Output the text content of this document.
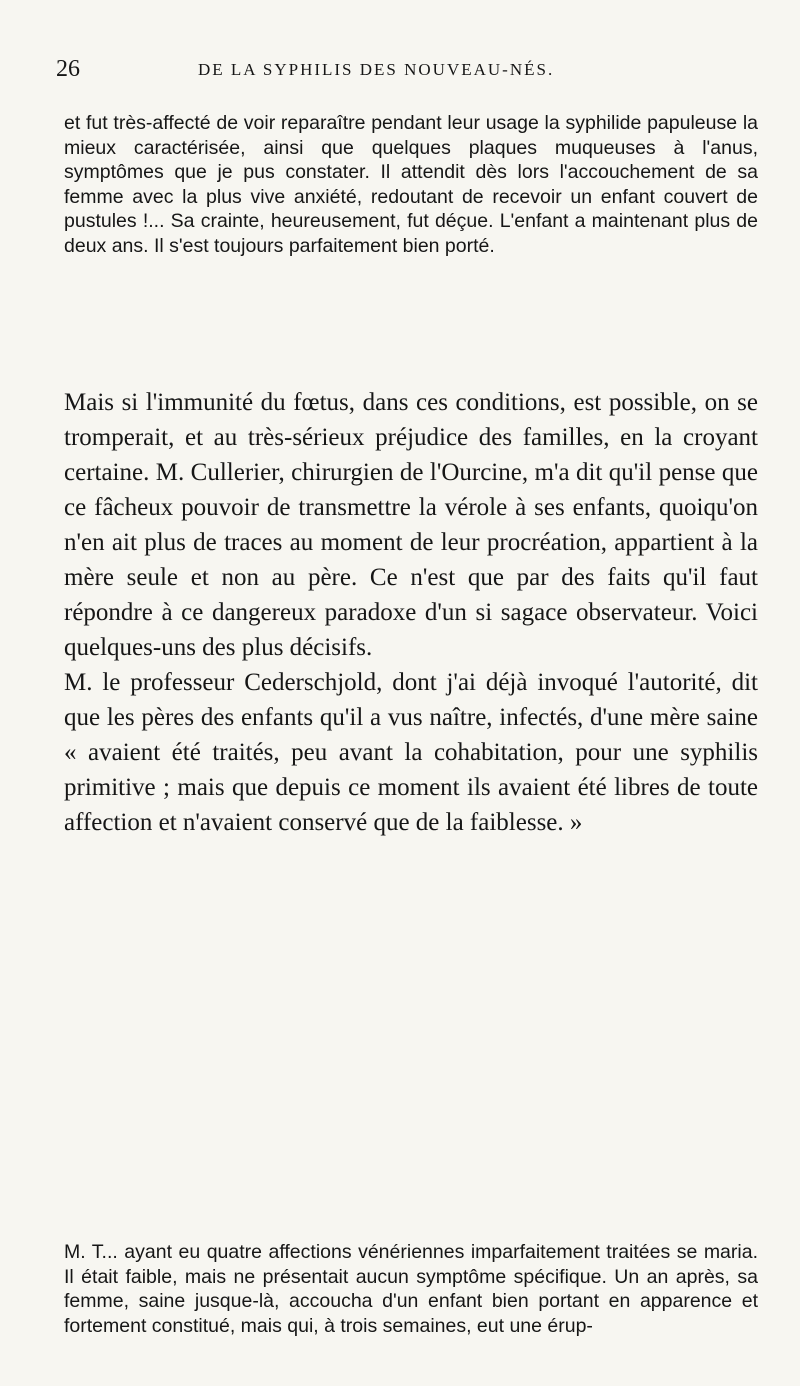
26	DE LA SYPHILIS DES NOUVEAU-NÉS.

et fut très-affecté de voir reparaître pendant leur usage la syphilide papuleuse la mieux caractérisée, ainsi que quelques plaques muqueuses à l'anus, symptômes que je pus constater. Il attendit dès lors l'accouchement de sa femme avec la plus vive anxiété, redoutant de recevoir un enfant couvert de pustules !... Sa crainte, heureusement, fut déçue. L'enfant a maintenant plus de deux ans. Il s'est toujours parfaitement bien porté.

Mais si l'immunité du fœtus, dans ces conditions, est possible, on se tromperait, et au très-sérieux préjudice des familles, en la croyant certaine. M. Cullerier, chirurgien de l'Ourcine, m'a dit qu'il pense que ce fâcheux pouvoir de transmettre la vérole à ses enfants, quoiqu'on n'en ait plus de traces au moment de leur procréation, appartient à la mère seule et non au père. Ce n'est que par des faits qu'il faut répondre à ce dangereux paradoxe d'un si sagace observateur. Voici quelques-uns des plus décisifs.

M. le professeur Cederschjold, dont j'ai déjà invoqué l'autorité, dit que les pères des enfants qu'il a vus naître, infectés, d'une mère saine « avaient été traités, peu avant la cohabitation, pour une syphilis primitive ; mais que depuis ce moment ils avaient été libres de toute affection et n'avaient conservé que de la faiblesse. »

M. T... ayant eu quatre affections vénériennes imparfaitement traitées se maria. Il était faible, mais ne présentait aucun symptôme spécifique. Un an après, sa femme, saine jusque-là, accoucha d'un enfant bien portant en apparence et fortement constitué, mais qui, à trois semaines, eut une érup-
